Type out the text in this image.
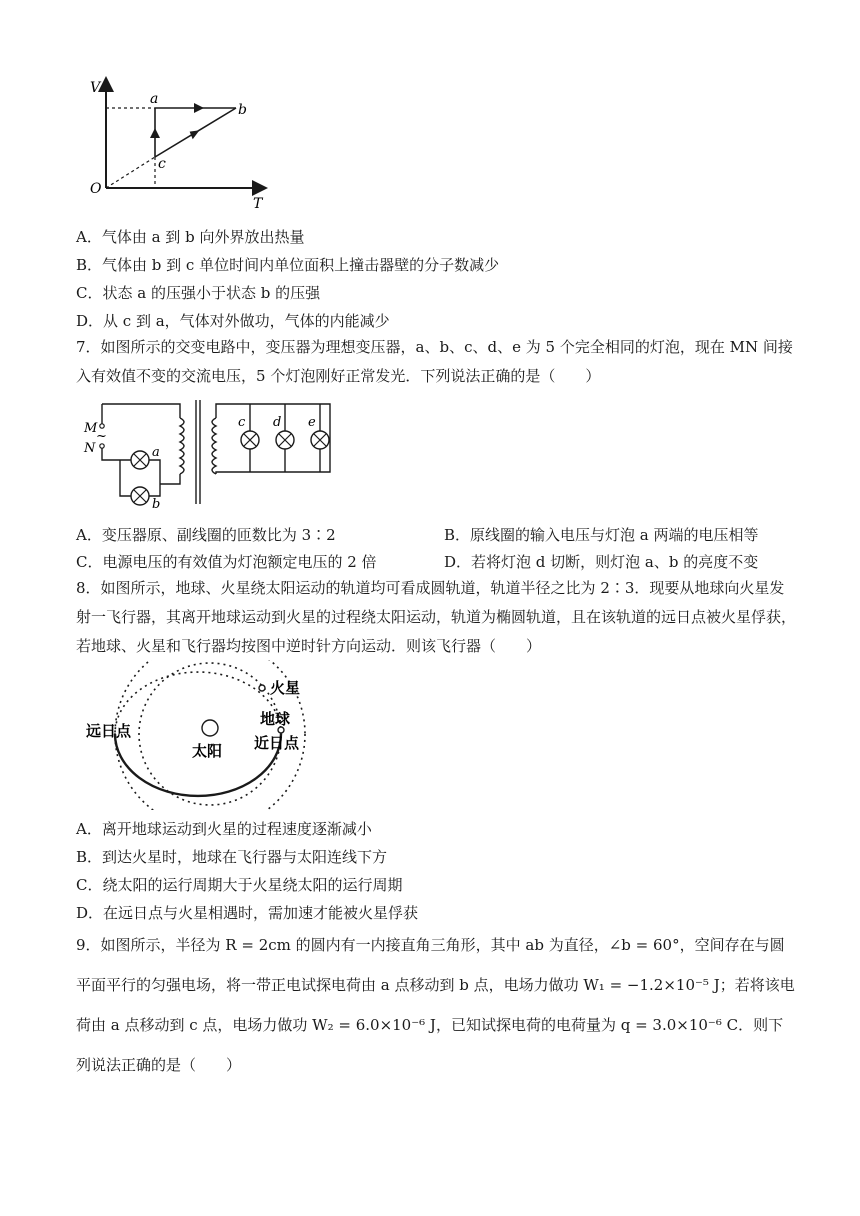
V
T
O
a
b
c
A．气体由 a 到 b 向外界放出热量
B．气体由 b 到 c 单位时间内单位面积上撞击器壁的分子数减少
C．状态 a 的压强小于状态 b 的压强
D．从 c 到 a，气体对外做功，气体的内能减少
7．如图所示的交变电路中，变压器为理想变压器，a、b、c、d、e 为 5 个完全相同的灯泡，现在 MN 间接入有效值不变的交流电压，5 个灯泡刚好正常发光．下列说法正确的是（　　）
M
~
N	a
b
c d e
A．变压器原、副线圈的匝数比为 3∶2	B．原线圈的输入电压与灯泡 a 两端的电压相等
C．电源电压的有效值为灯泡额定电压的 2 倍	D．若将灯泡 d 切断，则灯泡 a、b 的亮度不变
8．如图所示，地球、火星绕太阳运动的轨道均可看成圆轨道，轨道半径之比为 2∶3．现要从地球向火星发射一飞行器，其离开地球运动到火星的过程绕太阳运动，轨道为椭圆轨道，且在该轨道的远日点被火星俘获，若地球、火星和飞行器均按图中逆时针方向运动．则该飞行器（　　）
太阳
地球
近日点
火星
远日点
A．离开地球运动到火星的过程速度逐渐减小
B．到达火星时，地球在飞行器与太阳连线下方
C．绕太阳的运行周期大于火星绕太阳的运行周期
D．在远日点与火星相遇时，需加速才能被火星俘获
9．如图所示，半径为 R = 2cm 的圆内有一内接直角三角形，其中 ab 为直径，∠b = 60°，空间存在与圆平面平行的匀强电场，将一带正电试探电荷由 a 点移动到 b 点，电场力做功 W₁ = −1.2×10⁻⁵ J；若将该电荷由 a 点移动到 c 点，电场力做功 W₂ = 6.0×10⁻⁶ J，已知试探电荷的电荷量为 q = 3.0×10⁻⁶ C．则下列说法正确的是（　　）
